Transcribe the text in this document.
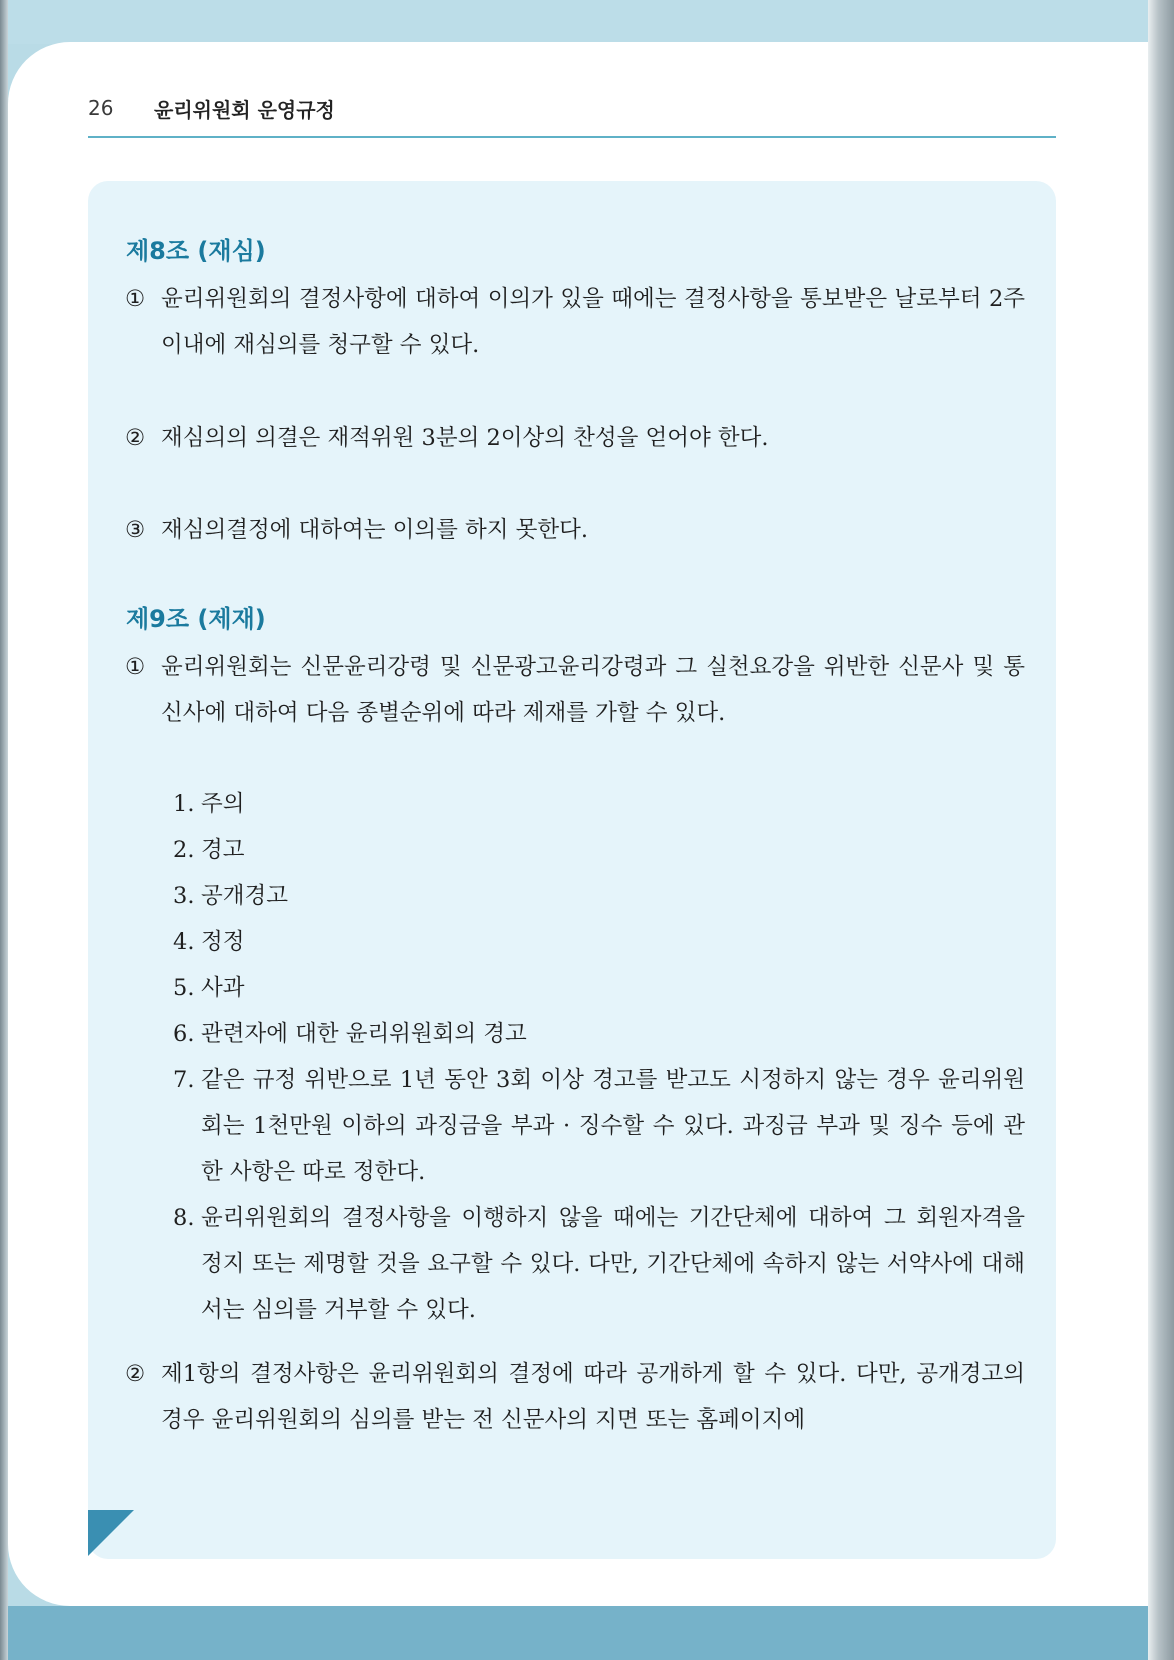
26 윤리위원회 운영규정
제8조 (재심)
① 윤리위원회의 결정사항에 대하여 이의가 있을 때에는 결정사항을 통보받은 날로부터 2주 이내에 재심의를 청구할 수 있다.
② 재심의의 의결은 재적위원 3분의 2이상의 찬성을 얻어야 한다.
③ 재심의결정에 대하여는 이의를 하지 못한다.
제9조 (제재)
① 윤리위원회는 신문윤리강령 및 신문광고윤리강령과 그 실천요강을 위반한 신문사 및 통신사에 대하여 다음 종별순위에 따라 제재를 가할 수 있다.
1. 주의
2. 경고
3. 공개경고
4. 정정
5. 사과
6. 관련자에 대한 윤리위원회의 경고
7. 같은 규정 위반으로 1년 동안 3회 이상 경고를 받고도 시정하지 않는 경우 윤리위원회는 1천만원 이하의 과징금을 부과 · 징수할 수 있다. 과징금 부과 및 징수 등에 관한 사항은 따로 정한다.
8. 윤리위원회의 결정사항을 이행하지 않을 때에는 기간단체에 대하여 그 회원자격을 정지 또는 제명할 것을 요구할 수 있다. 다만, 기간단체에 속하지 않는 서약사에 대해서는 심의를 거부할 수 있다.
② 제1항의 결정사항은 윤리위원회의 결정에 따라 공개하게 할 수 있다. 다만, 공개경고의 경우 윤리위원회의 심의를 받는 전 신문사의 지면 또는 홈페이지에
